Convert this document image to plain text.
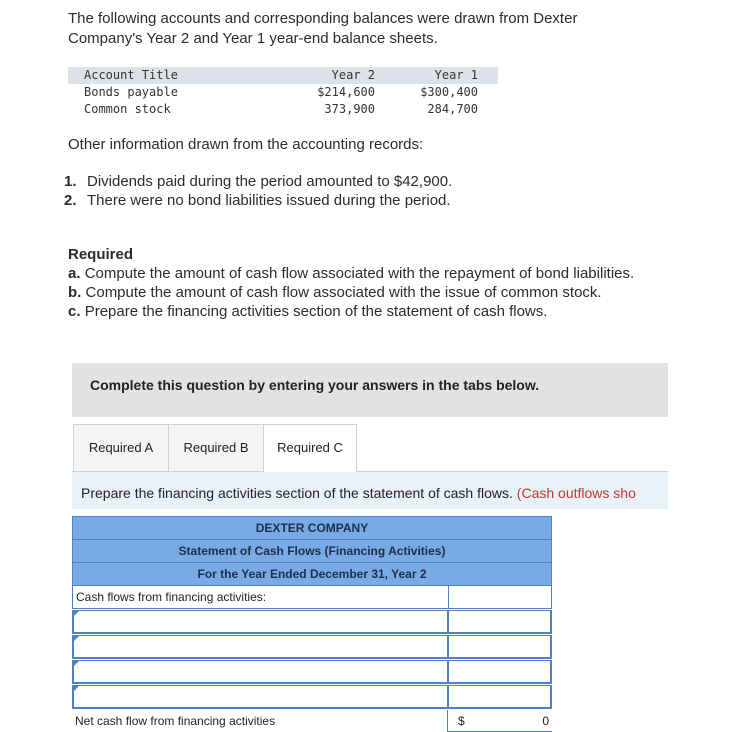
The following accounts and corresponding balances were drawn from Dexter Company's Year 2 and Year 1 year-end balance sheets.
Account Title	Year 2	Year 1
Bonds payable	$214,600	$300,400
Common stock	373,900	284,700
Other information drawn from the accounting records:
1. Dividends paid during the period amounted to $42,900.
2. There were no bond liabilities issued during the period.
Required
a. Compute the amount of cash flow associated with the repayment of bond liabilities.
b. Compute the amount of cash flow associated with the issue of common stock.
c. Prepare the financing activities section of the statement of cash flows.
Complete this question by entering your answers in the tabs below.
Required A	Required B	Required C
Prepare the financing activities section of the statement of cash flows. (Cash outflows sho
DEXTER COMPANY
Statement of Cash Flows (Financing Activities)
For the Year Ended December 31, Year 2
Cash flows from financing activities:
Net cash flow from financing activities	$	0
